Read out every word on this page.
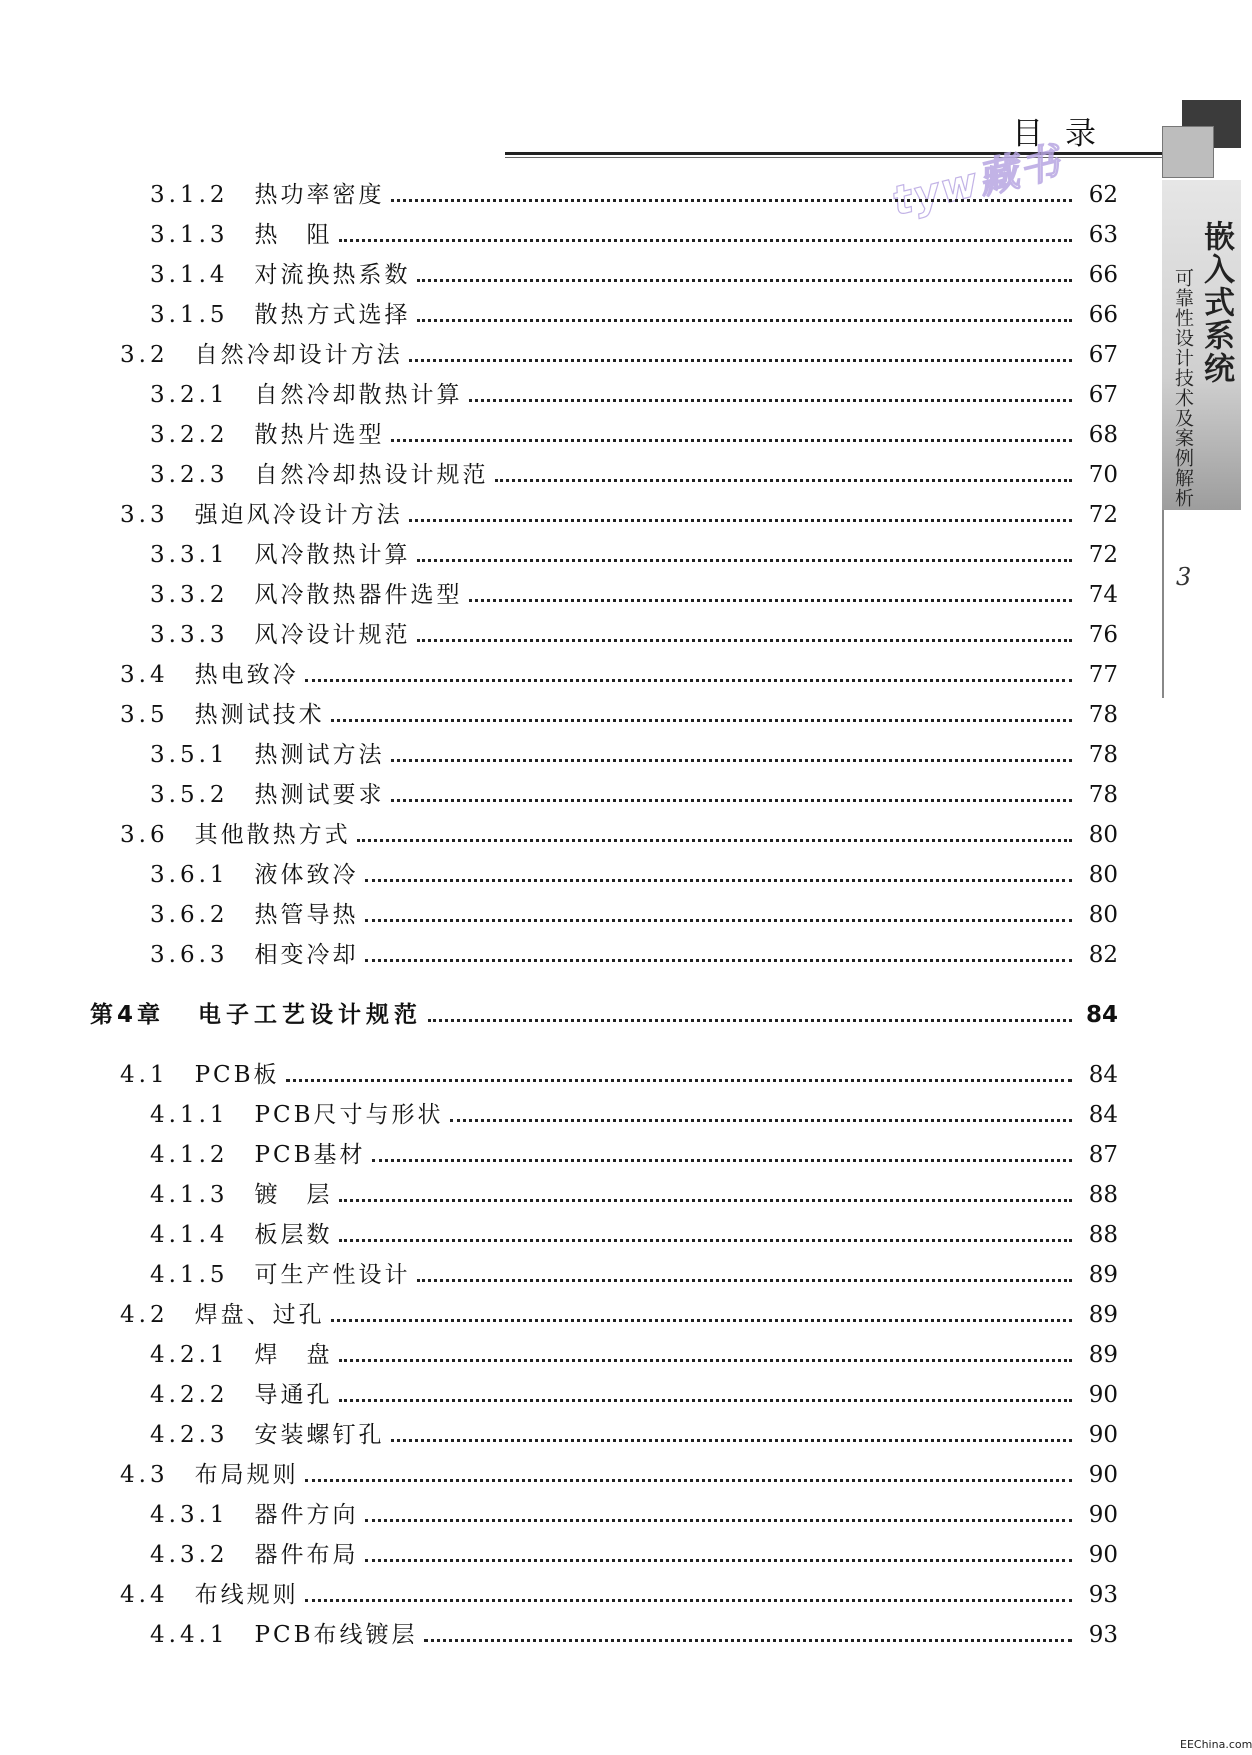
目录
tyw藏书
嵌入式系统
可靠性设计技术及案例解析
3
3.1.2 热功率密度	62
3.1.3 热　阻	63
3.1.4 对流换热系数	66
3.1.5 散热方式选择	66
3.2 自然冷却设计方法	67
3.2.1 自然冷却散热计算	67
3.2.2 散热片选型	68
3.2.3 自然冷却热设计规范	70
3.3 强迫风冷设计方法	72
3.3.1 风冷散热计算	72
3.3.2 风冷散热器件选型	74
3.3.3 风冷设计规范	76
3.4 热电致冷	77
3.5 热测试技术	78
3.5.1 热测试方法	78
3.5.2 热测试要求	78
3.6 其他散热方式	80
3.6.1 液体致冷	80
3.6.2 热管导热	80
3.6.3 相变冷却	82
第4章 电子工艺设计规范	84
4.1 PCB板	84
4.1.1 PCB尺寸与形状	84
4.1.2 PCB基材	87
4.1.3 镀　层	88
4.1.4 板层数	88
4.1.5 可生产性设计	89
4.2 焊盘、过孔	89
4.2.1 焊　盘	89
4.2.2 导通孔	90
4.2.3 安装螺钉孔	90
4.3 布局规则	90
4.3.1 器件方向	90
4.3.2 器件布局	90
4.4 布线规则	93
4.4.1 PCB布线镀层	93
EEChina.com
